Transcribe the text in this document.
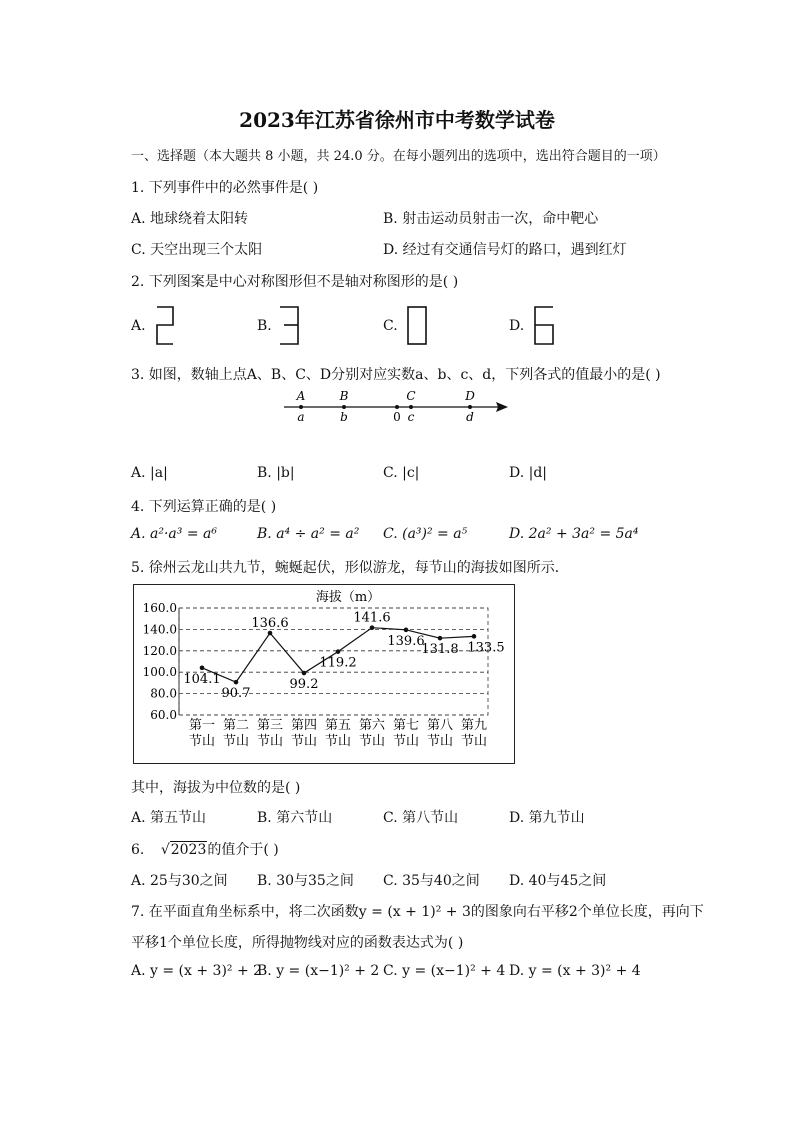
2023年江苏省徐州市中考数学试卷
一、选择题（本大题共 8 小题，共 24.0 分。在每小题列出的选项中，选出符合题目的一项）
1. 下列事件中的必然事件是( )
A. 地球绕着太阳转	B. 射击运动员射击一次，命中靶心
C. 天空出现三个太阳	D. 经过有交通信号灯的路口，遇到红灯
2. 下列图案是中心对称图形但不是轴对称图形的是( )
A.	B.	C.	D.
3. 如图，数轴上点A、B、C、D分别对应实数a、b、c、d，下列各式的值最小的是( )
A
a
B
b	0
C
c
D
d
A. |a|	B. |b|	C. |c|	D. |d|
4. 下列运算正确的是( )
A. a²·a³ = a⁶	B. a⁴ ÷ a² = a² C. (a³)² = a⁵	D. 2a² + 3a² = 5a⁴
5. 徐州云龙山共九节，蜿蜒起伏，形似游龙，每节山的海拔如图所示．
海拔（m）
60.0
80.0
100.0
120.0
140.0
160.0
第一
节山
第二
节山
第三
节山
第四
节山
第五
节山
第六
节山
第七
节山
第八
节山
第九
节山
104.1
90.7
136.6
99.2
119.2
141.6
139.6
131.8 133.5
其中，海拔为中位数的是( )
A. 第五节山	B. 第六节山	C. 第八节山	D. 第九节山
6. √2023的值介于( )
A. 25与30之间 B. 30与35之间 C. 35与40之间 D. 40与45之间
7. 在平面直角坐标系中，将二次函数y = (x + 1)² + 3的图象向右平移2个单位长度，再向下
平移1个单位长度，所得抛物线对应的函数表达式为( )
A. y = (x + 3)² + 2
B. y = (x−1)² + 2 C. y = (x−1)² + 4 D. y = (x + 3)² + 4
